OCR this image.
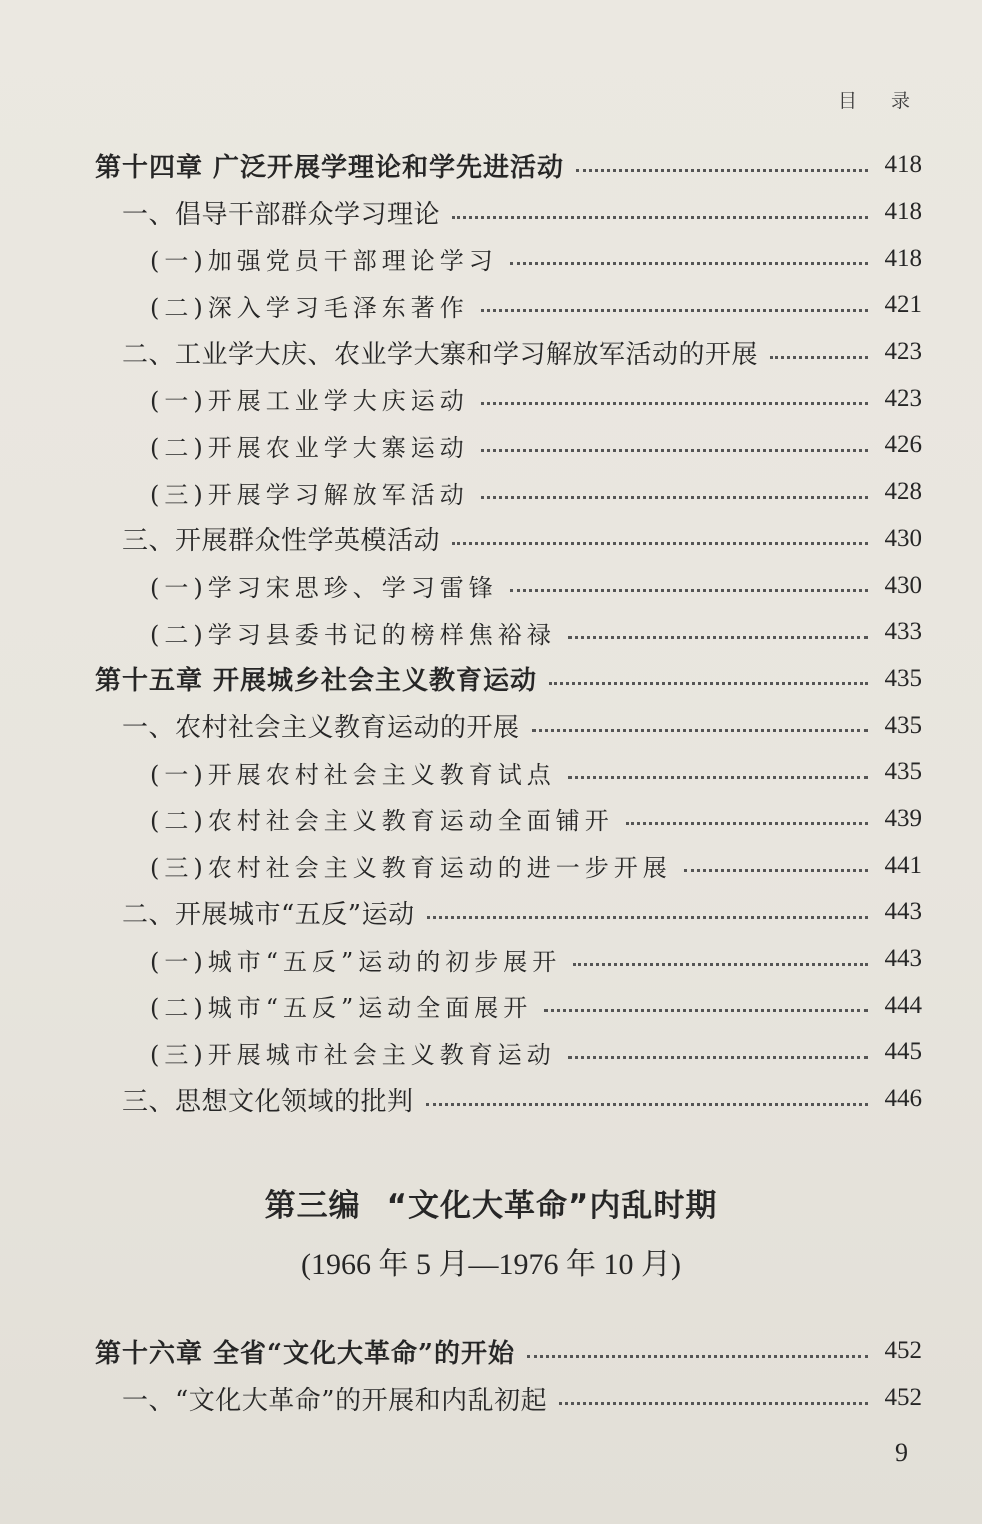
目 录
第十四章 广泛开展学理论和学先进活动	418
一、倡导干部群众学习理论	418
(一)加强党员干部理论学习	418
(二)深入学习毛泽东著作	421
二、工业学大庆、农业学大寨和学习解放军活动的开展	423
(一)开展工业学大庆运动	423
(二)开展农业学大寨运动	426
(三)开展学习解放军活动	428
三、开展群众性学英模活动	430
(一)学习宋思珍、学习雷锋	430
(二)学习县委书记的榜样焦裕禄	433
第十五章 开展城乡社会主义教育运动	435
一、农村社会主义教育运动的开展	435
(一)开展农村社会主义教育试点	435
(二)农村社会主义教育运动全面铺开	439
(三)农村社会主义教育运动的进一步开展	441
二、开展城市“五反”运动	443
(一)城市“五反”运动的初步展开	443
(二)城市“五反”运动全面展开	444
(三)开展城市社会主义教育运动	445
三、思想文化领域的批判	446
第三编 “文化大革命”内乱时期
(1966 年 5 月—1976 年 10 月)
第十六章 全省“文化大革命”的开始	452
一、“文化大革命”的开展和内乱初起	452
9
